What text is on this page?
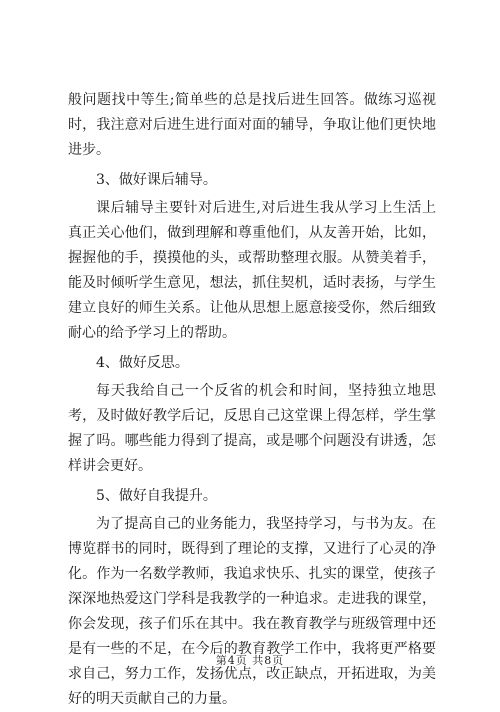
般问题找中等生;简单些的总是找后进生回答。做练习巡视时，我注意对后进生进行面对面的辅导，争取让他们更快地进步。

3、做好课后辅导。

课后辅导主要针对后进生,对后进生我从学习上生活上真正关心他们，做到理解和尊重他们，从友善开始，比如，握握他的手，摸摸他的头，或帮助整理衣服。从赞美着手，能及时倾听学生意见，想法，抓住契机，适时表扬，与学生建立良好的师生关系。让他从思想上愿意接受你，然后细致耐心的给予学习上的帮助。

4、做好反思。

每天我给自己一个反省的机会和时间，坚持独立地思考，及时做好教学后记，反思自己这堂课上得怎样，学生掌握了吗。哪些能力得到了提高，或是哪个问题没有讲透，怎样讲会更好。

5、做好自我提升。

为了提高自己的业务能力，我坚持学习，与书为友。在博览群书的同时，既得到了理论的支撑，又进行了心灵的净化。作为一名数学教师，我追求快乐、扎实的课堂，使孩子深深地热爱这门学科是我教学的一种追求。走进我的课堂，你会发现，孩子们乐在其中。我在教育教学与班级管理中还是有一些的不足，在今后的教育教学工作中，我将更严格要求自己，努力工作，发扬优点，改正缺点，开拓进取，为美好的明天贡献自己的力量。

第4页 共8页
